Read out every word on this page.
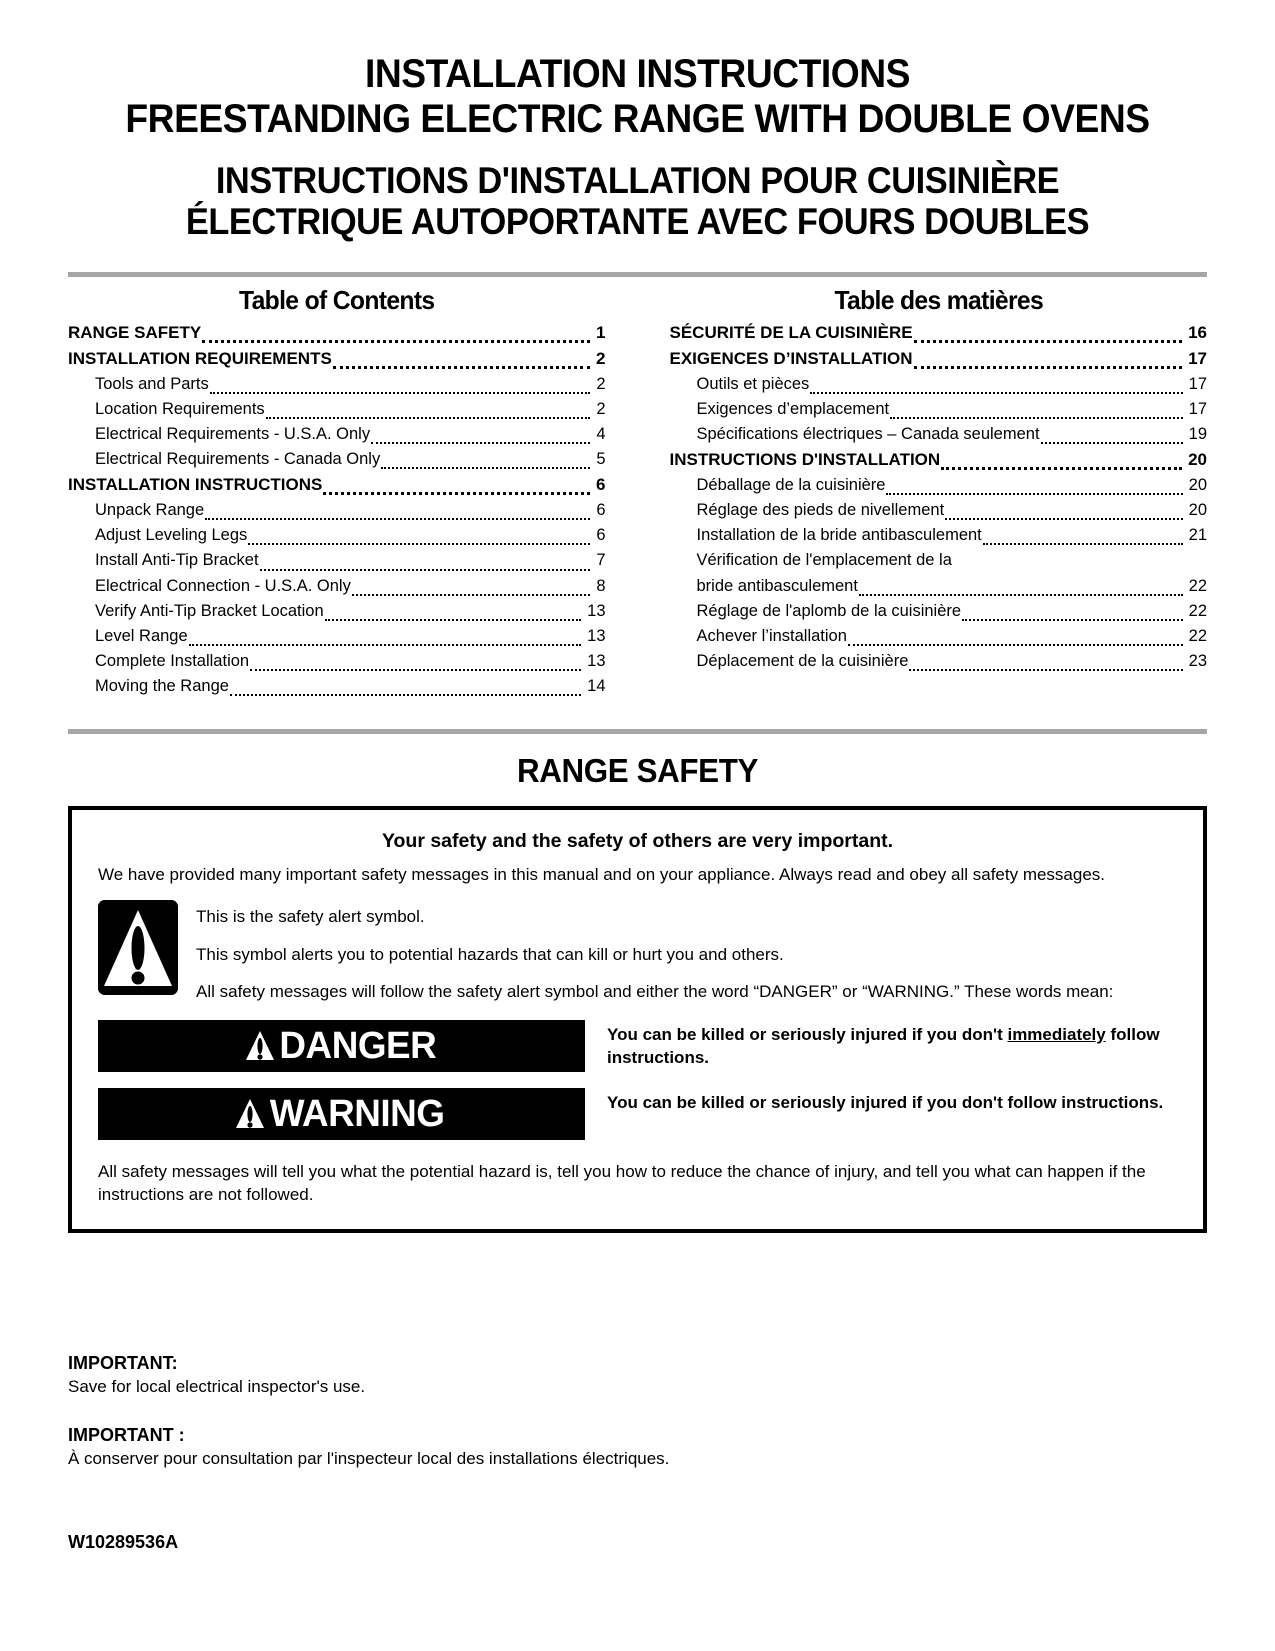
INSTALLATION INSTRUCTIONS
FREESTANDING ELECTRIC RANGE WITH DOUBLE OVENS
INSTRUCTIONS D'INSTALLATION POUR CUISINIÈRE
ÉLECTRIQUE AUTOPORTANTE AVEC FOURS DOUBLES
Table of Contents
RANGE SAFETY	1
INSTALLATION REQUIREMENTS	2
Tools and Parts	2
Location Requirements	2
Electrical Requirements - U.S.A. Only	4
Electrical Requirements - Canada Only	5
INSTALLATION INSTRUCTIONS	6
Unpack Range	6
Adjust Leveling Legs	6
Install Anti-Tip Bracket	7
Electrical Connection - U.S.A. Only	8
Verify Anti-Tip Bracket Location	13
Level Range	13
Complete Installation	13
Moving the Range	14
Table des matières
SÉCURITÉ DE LA CUISINIÈRE	16
EXIGENCES D’INSTALLATION	17
Outils et pièces	17
Exigences d’emplacement	17
Spécifications électriques – Canada seulement	19
INSTRUCTIONS D'INSTALLATION	20
Déballage de la cuisinière	20
Réglage des pieds de nivellement	20
Installation de la bride antibasculement	21
Vérification de l'emplacement de la
bride antibasculement	22
Réglage de l'aplomb de la cuisinière	22
Achever l’installation	22
Déplacement de la cuisinière	23
RANGE SAFETY
Your safety and the safety of others are very important.
We have provided many important safety messages in this manual and on your appliance. Always read and obey all safety messages.

This is the safety alert symbol.

This symbol alerts you to potential hazards that can kill or hurt you and others.

All safety messages will follow the safety alert symbol and either the word “DANGER” or “WARNING.” These words mean:

DANGER	You can be killed or seriously injured if you don't immediately follow instructions.
WARNING	You can be killed or seriously injured if you don't follow instructions.
All safety messages will tell you what the potential hazard is, tell you how to reduce the chance of injury, and tell you what can happen if the instructions are not followed.
IMPORTANT:
Save for local electrical inspector's use.
IMPORTANT :
À conserver pour consultation par l'inspecteur local des installations électriques.
W10289536A
